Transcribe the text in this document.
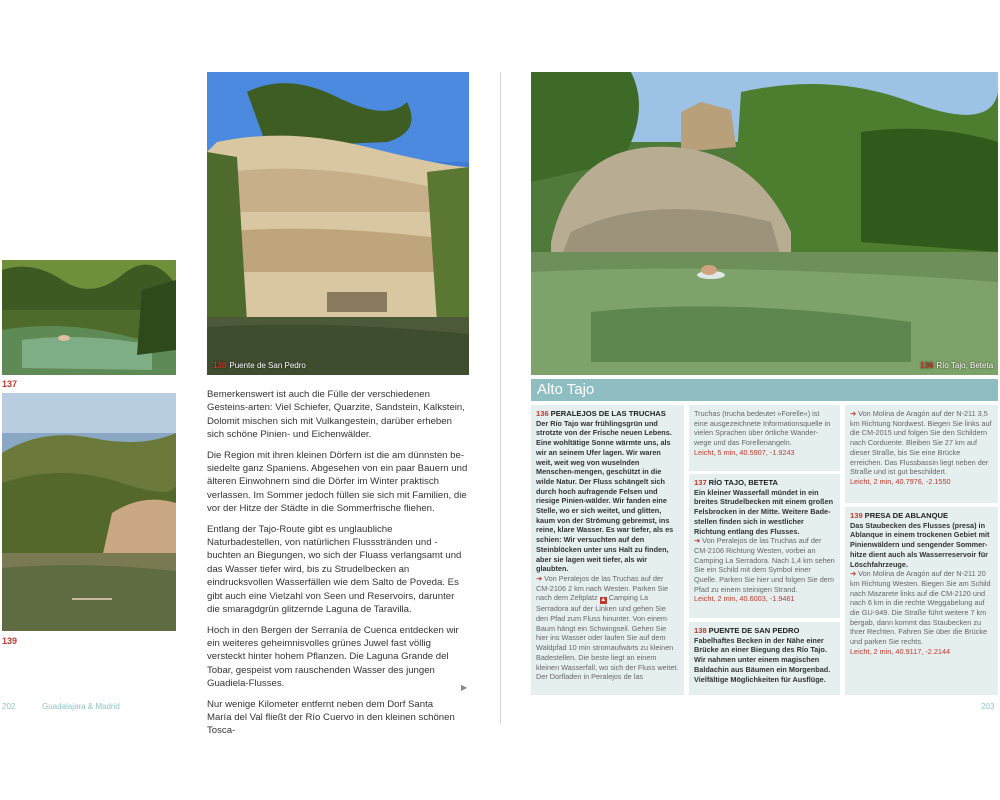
137
139
138 Puente de San Pedro

Bemerkenswert ist auch die Fülle der verschiedenen Gesteins-arten: Viel Schiefer, Quarzite, Sandstein, Kalkstein, Dolomit mischen sich mit Vulkangestein, darüber erheben sich schöne Pinien- und Eichenwälder.

Die Region mit ihren kleinen Dörfern ist die am dünnsten be-siedelte ganz Spaniens. Abgesehen von ein paar Bauern und älteren Einwohnern sind die Dörfer im Winter praktisch verlassen. Im Sommer jedoch füllen sie sich mit Familien, die vor der Hitze der Städte in die Sommerfrische fliehen.

Entlang der Tajo-Route gibt es unglaubliche Naturbadestellen, von natürlichen Flussstränden und -buchten an Biegungen, wo sich der Fluass verlangsamt und das Wasser tiefer wird, bis zu Strudelbecken an eindrucksvollen Wasserfällen wie dem Salto de Poveda. Es gibt auch eine Vielzahl von Seen und Reservoirs, darunter die smaragdgrün glitzernde Laguna de Taravilla.

Hoch in den Bergen der Serranía de Cuenca entdecken wir ein weiteres geheimnisvolles grünes Juwel fast völlig versteckt hinter hohem Pflanzen. Die Laguna Grande del Tobar, gespeist vom rauschenden Wasser des jungen Guadiela-Flusses.

Nur wenige Kilometer entfernt neben dem Dorf Santa María del Val fließt der Río Cuervo in den kleinen schönen Tosca-

▶
202	Guadalajara & Madrid
136 Río Tajo, Beteta
Alto Tajo
136 PERALEJOS DE LAS TRUCHAS
Der Río Tajo war frühlingsgrün und strotzte von der Frische neuen Lebens. Eine wohltätige Sonne wärmte uns, als wir an seinem Ufer lagen. Wir waren weit, weit weg von wuselnden Menschen-mengen, geschützt in die wilde Natur. Der Fluss schängelt sich durch hoch aufragende Felsen und riesige Pinien-wälder. Wir fanden eine Stelle, wo er sich weitet, und glitten, kaum von der Strömung gebremst, ins reine, klare Wasser. Es war tiefer, als es schien: Wir versuchten auf den Steinblöcken unter uns Halt zu finden, aber sie lagen weit tiefer, als wir glaubten.
➜ Von Peralejos de las Truchas auf der CM-2106 2 km nach Westen. Parken Sie nach dem Zeltplatz ▲ Camping La Serradora auf der Linken und gehen Sie den Pfad zum Fluss hinunter. Von einem Baum hängt ein Schwingseil. Gehen Sie hier ins Wasser oder laufen Sie auf dem Waldpfad 10 min stromaufwärts zu kleinen Badestellen. Die beste liegt an einem kleinen Wasserfall, wo sich der Fluss weitet. Der Dorfladen in Peralejos de las
Truchas (trucha bedeutet »Forelle«) ist eine ausgezeichnete Informationsquelle in vielen Sprachen über örtliche Wander-wege und das Forellenangeln.
Leicht, 5 min, 40.5907, -1.9243
137 RÍO TAJO, BETETA
Ein kleiner Wasserfall mündet in ein breites Strudelbecken mit einem großen Felsbrocken in der Mitte. Weitere Bade-stellen finden sich in westlicher Richtung entlang des Flusses.
➜ Von Peralejos de las Truchas auf der CM-2106 Richtung Westen, vorbei an Camping La Serradora. Nach 1,4 km sehen Sie ein Schild mit dem Symbol einer Quelle. Parken Sie hier und folgen Sie dem Pfad zu einem steinigen Strand.
Leicht, 2 min, 40.6003, -1.9461
138 PUENTE DE SAN PEDRO
Fabelhaftes Becken in der Nähe einer Brücke an einer Biegung des Río Tajo. Wir nahmen unter einem magischen Baldachin aus Bäumen ein Morgenbad. Vielfältige Möglichkeiten für Ausflüge.
➜ Von Molina de Aragón auf der N-211 3,5 km Richtung Nordwest. Biegen Sie links auf die CM-2015 und folgen Sie den Schildern nach Corduente. Bleiben Sie 27 km auf dieser Straße, bis Sie eine Brücke erreichen. Das Flussbassin liegt neben der Straße und ist gut beschildert.
Leicht, 2 min, 40.7976, -2.1550
139 PRESA DE ABLANQUE
Das Staubecken des Flusses (presa) in Ablanque in einem trockenen Gebiet mit Pinienwäldern und sengender Sommer-hitze dient auch als Wasserreservoir für Löschfahrzeuge.
➜ Von Molina de Aragón auf der N-211 20 km Richtung Westen. Biegen Sie am Schild nach Mazarete links auf die CM-2120 und nach 6 km in die rechte Weggabelung auf die GU-949. Die Straße führt weitere 7 km bergab, dann kommt das Staubecken zu Ihrer Rechten. Fahren Sie über die Brücke und parken Sie rechts.
Leicht, 2 min, 40.9117, -2.2144
203
